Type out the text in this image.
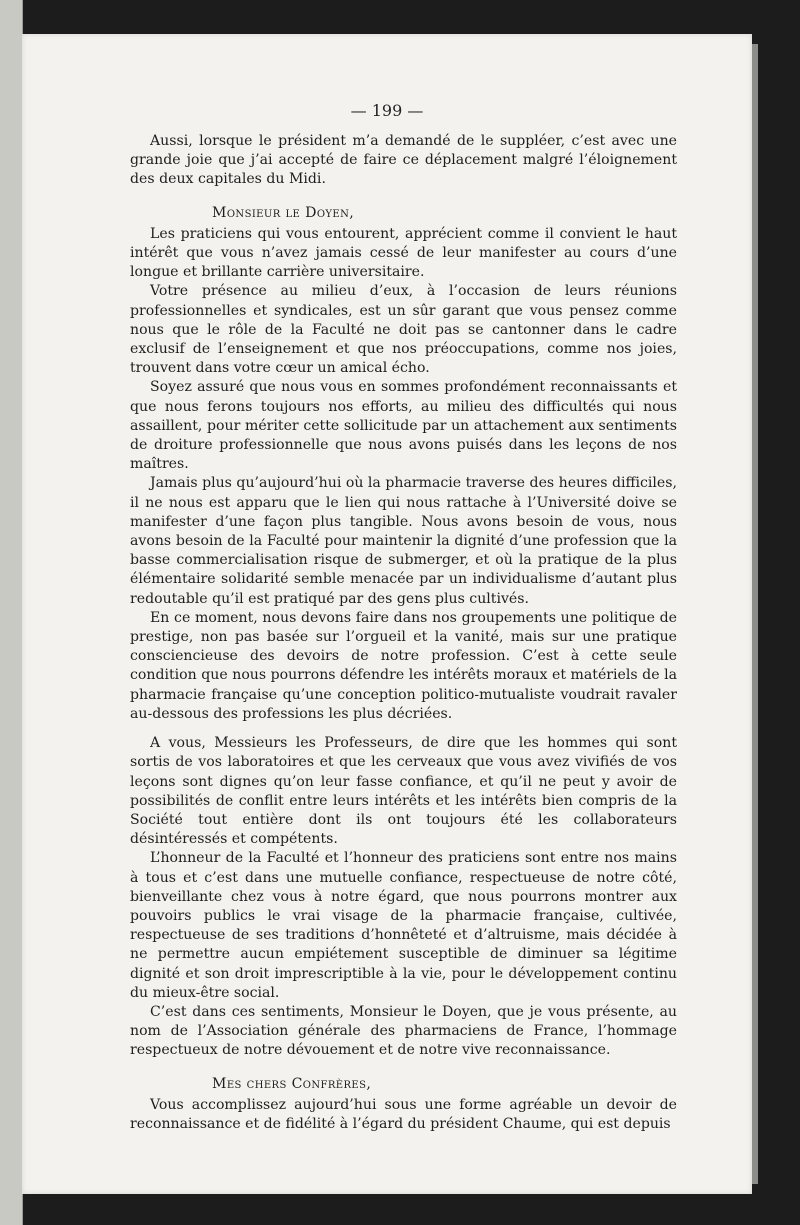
— 199 —

Aussi, lorsque le président m’a demandé de le suppléer, c’est avec une grande joie que j’ai accepté de faire ce déplacement malgré l’éloignement des deux capitales du Midi.

Monsieur le Doyen,

Les praticiens qui vous entourent, apprécient comme il convient le haut intérêt que vous n’avez jamais cessé de leur manifester au cours d’une longue et brillante carrière universitaire.

Votre présence au milieu d’eux, à l’occasion de leurs réunions professionnelles et syndicales, est un sûr garant que vous pensez comme nous que le rôle de la Faculté ne doit pas se cantonner dans le cadre exclusif de l’enseignement et que nos préoccupations, comme nos joies, trouvent dans votre cœur un amical écho.

Soyez assuré que nous vous en sommes profondément reconnaissants et que nous ferons toujours nos efforts, au milieu des difficultés qui nous assaillent, pour mériter cette sollicitude par un attachement aux sentiments de droiture professionnelle que nous avons puisés dans les leçons de nos maîtres.

Jamais plus qu’aujourd’hui où la pharmacie traverse des heures difficiles, il ne nous est apparu que le lien qui nous rattache à l’Université doive se manifester d’une façon plus tangible. Nous avons besoin de vous, nous avons besoin de la Faculté pour maintenir la dignité d’une profession que la basse commercialisation risque de submerger, et où la pratique de la plus élémentaire solidarité semble menacée par un individualisme d’autant plus redoutable qu’il est pratiqué par des gens plus cultivés.

En ce moment, nous devons faire dans nos groupements une politique de prestige, non pas basée sur l’orgueil et la vanité, mais sur une pratique consciencieuse des devoirs de notre profession. C’est à cette seule condition que nous pourrons défendre les intérêts moraux et matériels de la pharmacie française qu’une conception politico-mutualiste voudrait ravaler au-dessous des professions les plus décriées.

A vous, Messieurs les Professeurs, de dire que les hommes qui sont sortis de vos laboratoires et que les cerveaux que vous avez vivifiés de vos leçons sont dignes qu’on leur fasse confiance, et qu’il ne peut y avoir de possibilités de conflit entre leurs intérêts et les intérêts bien compris de la Société tout entière dont ils ont toujours été les collaborateurs désintéressés et compétents.

L’honneur de la Faculté et l’honneur des praticiens sont entre nos mains à tous et c’est dans une mutuelle confiance, respectueuse de notre côté, bienveillante chez vous à notre égard, que nous pourrons montrer aux pouvoirs publics le vrai visage de la pharmacie française, cultivée, respectueuse de ses traditions d’honnêteté et d’altruisme, mais décidée à ne permettre aucun empiétement susceptible de diminuer sa légitime dignité et son droit imprescriptible à la vie, pour le développement continu du mieux-être social.

C’est dans ces sentiments, Monsieur le Doyen, que je vous présente, au nom de l’Association générale des pharmaciens de France, l’hommage respectueux de notre dévouement et de notre vive reconnaissance.

Mes chers Confrères,

Vous accomplissez aujourd’hui sous une forme agréable un devoir de reconnaissance et de fidélité à l’égard du président Chaume, qui est depuis
